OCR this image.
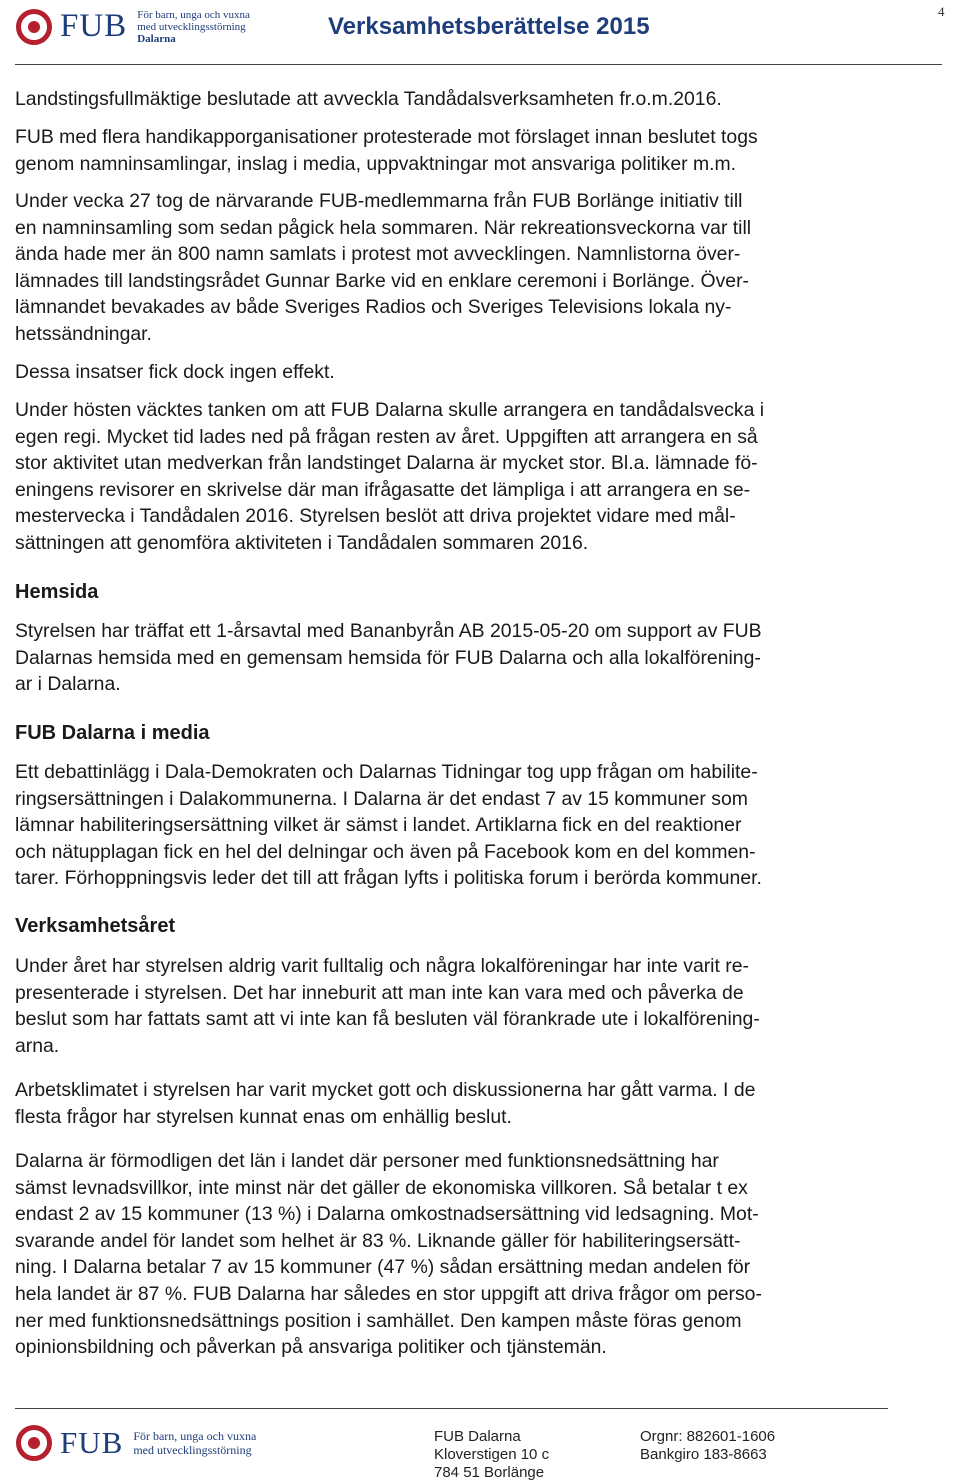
FUB För barn, unga och vuxna
med utvecklingsstörning
Dalarna	Verksamhetsberättelse 2015
4

Landstingsfullmäktige beslutade att avveckla Tandådalsverksamheten fr.o.m.2016.

FUB med flera handikapporganisationer protesterade mot förslaget innan beslutet togs

genom namninsamlingar, inslag i media, uppvaktningar mot ansvariga politiker m.m.

Under vecka 27 tog de närvarande FUB-medlemmarna från FUB Borlänge initiativ till

en namninsamling som sedan pågick hela sommaren. När rekreationsveckorna var till

ända hade mer än 800 namn samlats i protest mot avvecklingen. Namnlistorna över-

lämnades till landstingsrådet Gunnar Barke vid en enklare ceremoni i Borlänge. Över-

lämnandet bevakades av både Sveriges Radios och Sveriges Televisions lokala ny-

hetssändningar.

Dessa insatser fick dock ingen effekt.

Under hösten väcktes tanken om att FUB Dalarna skulle arrangera en tandådalsvecka i

egen regi. Mycket tid lades ned på frågan resten av året. Uppgiften att arrangera en så

stor aktivitet utan medverkan från landstinget Dalarna är mycket stor. Bl.a. lämnade fö-

eningens revisorer en skrivelse där man ifrågasatte det lämpliga i att arrangera en se-

mestervecka i Tandådalen 2016. Styrelsen beslöt att driva projektet vidare med mål-

sättningen att genomföra aktiviteten i Tandådalen sommaren 2016.

Hemsida

Styrelsen har träffat ett 1-årsavtal med Bananbyrån AB 2015-05-20 om support av FUB

Dalarnas hemsida med en gemensam hemsida för FUB Dalarna och alla lokalförening-

ar i Dalarna.

FUB Dalarna i media

Ett debattinlägg i Dala-Demokraten och Dalarnas Tidningar tog upp frågan om habilite-

ringsersättningen i Dalakommunerna. I Dalarna är det endast 7 av 15 kommuner som

lämnar habiliteringsersättning vilket är sämst i landet. Artiklarna fick en del reaktioner

och nätupplagan fick en hel del delningar och även på Facebook kom en del kommen-

tarer. Förhoppningsvis leder det till att frågan lyfts i politiska forum i berörda kommuner.

Verksamhetsåret

Under året har styrelsen aldrig varit fulltalig och några lokalföreningar har inte varit re-

presenterade i styrelsen. Det har inneburit att man inte kan vara med och påverka de

beslut som har fattats samt att vi inte kan få besluten väl förankrade ute i lokalförening-

arna.

Arbetsklimatet i styrelsen har varit mycket gott och diskussionerna har gått varma. I de

flesta frågor har styrelsen kunnat enas om enhällig beslut.

Dalarna är förmodligen det län i landet där personer med funktionsnedsättning har

sämst levnadsvillkor, inte minst när det gäller de ekonomiska villkoren. Så betalar t ex

endast 2 av 15 kommuner (13 %) i Dalarna omkostnadsersättning vid ledsagning. Mot-

svarande andel för landet som helhet är 83 %. Liknande gäller för habiliteringsersätt-

ning. I Dalarna betalar 7 av 15 kommuner (47 %) sådan ersättning medan andelen för

hela landet är 87 %. FUB Dalarna har således en stor uppgift att driva frågor om perso-

ner med funktionsnedsättnings position i samhället. Den kampen måste föras genom

opinionsbildning och påverkan på ansvariga politiker och tjänstemän.

FUB För barn, unga och vuxna
med utvecklingsstörning
FUB Dalarna
Kloverstigen 10 c
784 51 Borlänge
Orgnr: 882601-1606
Bankgiro 183-8663
